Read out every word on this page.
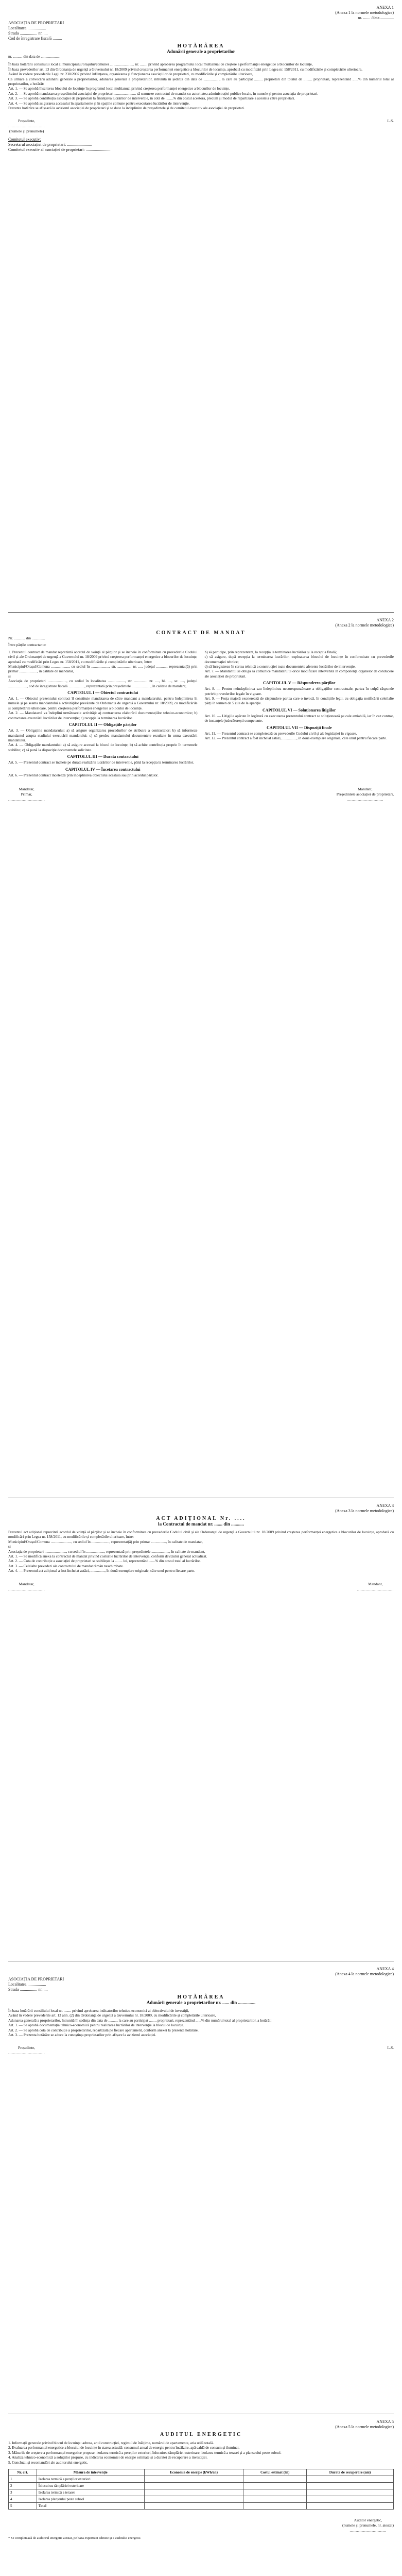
ANEXA 1
(Anexa 1 la normele metodologice)
nr. ....... /data .............
ASOCIAȚIA DE PROPRIETARI
Localitatea ..................
Strada ................. nr. ....
Cod de înregistrare fiscală .........
HOTĂRÂREA
Adunării generale a proprietarilor
nr. .......... din data de ....................

În baza hotărârii consiliului local al municipiului/orașului/comunei .......................... nr. ........ privind aprobarea programului local multianual de creștere a performanței energetice a blocurilor de locuințe,

În baza prevederilor art. 13 din Ordonanța de urgență a Guvernului nr. 18/2009 privind creșterea performanței energetice a blocurilor de locuințe, aprobată cu modificări prin Legea nr. 158/2011, cu modificările și completările ulterioare,

Având în vedere prevederile Legii nr. 230/2007 privind înființarea, organizarea și funcționarea asociațiilor de proprietari, cu modificările și completările ulterioare,

Ca urmare a convocării adunării generale a proprietarilor, adunarea generală a proprietarilor, întrunită în ședința din data de ................., la care au participat ......... proprietari din totalul de ......... proprietari, reprezentând ......% din numărul total al proprietarilor, a hotărât:

Art. 1. — Se aprobă înscrierea blocului de locuințe în programul local multianual privind creșterea performanței energetice a blocurilor de locuințe.

Art. 2. — Se aprobă mandatarea președintelui asociației de proprietari ....................... să semneze contractul de mandat cu autoritatea administrației publice locale, în numele și pentru asociația de proprietari.

Art. 3. — Se aprobă contribuția asociației de proprietari la finanțarea lucrărilor de intervenție, în cotă de ........% din costul acestora, precum și modul de repartizare a acesteia către proprietari.

Art. 4. — Se aprobă asigurarea accesului în apartamente și în spațiile comune pentru executarea lucrărilor de intervenție.

Prezenta hotărâre se afișează la avizierul asociației de proprietari și se duce la îndeplinire de președintele și de comitetul executiv ale asociației de proprietari.

Președinte,
..............................
(numele și prenumele)
L.S.
Comitetul executiv:
Secretarul asociației de proprietari: ........................
Comitetul executiv al asociației de proprietari: ........................
ANEXA 2
(Anexa 2 la normele metodologice)
CONTRACT DE MANDAT
Nr. ............ din ..............
Între părțile contractante:

1. Prezentul contract de mandat reprezintă acordul de voință al părților și se încheie în conformitate cu prevederile Codului civil și ale Ordonanței de urgență a Guvernului nr. 18/2009 privind creșterea performanței energetice a blocurilor de locuințe, aprobată cu modificări prin Legea nr. 158/2011, cu modificările și completările ulterioare, între:

Municipiul/Orașul/Comuna ..................., cu sediul în ..................., str. ............... nr. ...., județul ..........., reprezentat(ă) prin primar ..................., în calitate de mandatar,

și

Asociația de proprietari ...................., cu sediul în localitatea .................., str. .............. nr. ...., bl. ...., sc. ...., județul ...................., cod de înregistrare fiscală ................., reprezentată prin președintele ...................., în calitate de mandant,

CAPITOLUL I — Obiectul contractului

Art. 1. — Obiectul prezentului contract îl constituie mandatarea de către mandant a mandatarului, pentru îndeplinirea în numele și pe seama mandantului a activităților prevăzute de Ordonanța de urgență a Guvernului nr. 18/2009, cu modificările și completările ulterioare, pentru creșterea performanței energetice a blocului de locuințe.

Art. 2. — Mandatarul va îndeplini următoarele activități: a) contractarea elaborării documentațiilor tehnico-economice; b) contractarea executării lucrărilor de intervenție; c) recepția la terminarea lucrărilor.

CAPITOLUL II — Obligațiile părților

Art. 3. — Obligațiile mandatarului: a) să asigure organizarea procedurilor de atribuire a contractelor; b) să informeze mandantul asupra stadiului executării mandatului; c) să predea mandantului documentele rezultate în urma executării mandatului.

Art. 4. — Obligațiile mandantului: a) să asigure accesul la blocul de locuințe; b) să achite contribuția proprie în termenele stabilite; c) să pună la dispoziție documentele solicitate.

CAPITOLUL III — Durata contractului

Art. 5. — Prezentul contract se încheie pe durata realizării lucrărilor de intervenție, până la recepția la terminarea lucrărilor.

CAPITOLUL IV — Încetarea contractului

Art. 6. — Prezentul contract încetează prin îndeplinirea obiectului acestuia sau prin acordul părților.

b) să participe, prin reprezentant, la recepția la terminarea lucrărilor și la recepția finală;

c) să asigure, după recepția la terminarea lucrărilor, exploatarea blocului de locuințe în conformitate cu prevederile documentației tehnice;

d) să înregistreze în cartea tehnică a construcției toate documentele aferente lucrărilor de intervenție.

Art. 7. — Mandantul se obligă să comunice mandatarului orice modificare intervenită în componența organelor de conducere ale asociației de proprietari.

CAPITOLUL V — Răspunderea părților

Art. 8. — Pentru neîndeplinirea sau îndeplinirea necorespunzătoare a obligațiilor contractuale, partea în culpă răspunde potrivit prevederilor legale în vigoare.

Art. 9. — Forța majoră exonerează de răspundere partea care o invocă, în condițiile legii, cu obligația notificării celeilalte părți în termen de 5 zile de la apariție.

CAPITOLUL VI — Soluționarea litigiilor

Art. 10. — Litigiile apărute în legătură cu executarea prezentului contract se soluționează pe cale amiabilă, iar în caz contrar, de instanțele judecătorești competente.

CAPITOLUL VII — Dispoziții finale

Art. 11. — Prezentul contract se completează cu prevederile Codului civil și ale legislației în vigoare.

Art. 12. — Prezentul contract a fost încheiat astăzi, ..............., în două exemplare originale, câte unul pentru fiecare parte.

Mandatar,
Primar,
..............................
Mandant,
Președintele asociației de proprietari,
..............................
ANEXA 3
(Anexa 3 la normele metodologice)
ACT ADIȚIONAL Nr. ....
la Contractul de mandat nr. ....... din ...........

Prezentul act adițional reprezintă acordul de voință al părților și se încheie în conformitate cu prevederile Codului civil și ale Ordonanței de urgență a Guvernului nr. 18/2009 privind creșterea performanței energetice a blocurilor de locuințe, aprobată cu modificări prin Legea nr. 158/2011, cu modificările și completările ulterioare, între:

Municipiul/Orașul/Comuna ......................, cu sediul în ..................., reprezentat(ă) prin primar ................, în calitate de mandatar,

și

Asociația de proprietari ......................., cu sediul în ..................., reprezentată prin președintele ..................., în calitate de mandant,

Art. 1. — Se modifică anexa la contractul de mandat privind costurile lucrărilor de intervenție, conform devizului general actualizat.

Art. 2. — Cota de contribuție a asociației de proprietari se stabilește la ........ lei, reprezentând ......% din costul total al lucrărilor.

Art. 3. — Celelalte prevederi ale contractului de mandat rămân neschimbate.

Art. 4. — Prezentul act adițional a fost încheiat astăzi, ..............., în două exemplare originale, câte unul pentru fiecare parte.

Mandatar,
..............................
Mandant,
..............................
ANEXA 4
(Anexa 4 la normele metodologice)
ASOCIAȚIA DE PROPRIETARI
Localitatea ..................
Strada ................. nr. ....
HOTĂRÂREA
Adunării generale a proprietarilor nr. ...... din ...............

În baza hotărârii consiliului local nr. ........ privind aprobarea indicatorilor tehnico-economici ai obiectivului de investiții,

Având în vedere prevederile art. 13 alin. (2) din Ordonanța de urgență a Guvernului nr. 18/2009, cu modificările și completările ulterioare,

Adunarea generală a proprietarilor, întrunită în ședința din data de ........., la care au participat ........ proprietari, reprezentând ......% din numărul total al proprietarilor, a hotărât:

Art. 1. — Se aprobă documentația tehnico-economică pentru realizarea lucrărilor de intervenție la blocul de locuințe.

Art. 2. — Se aprobă cota de contribuție a proprietarilor, repartizată pe fiecare apartament, conform anexei la prezenta hotărâre.

Art. 3. — Prezenta hotărâre se aduce la cunoștința proprietarilor prin afișare la avizierul asociației.

Președinte,
..............................
L.S.
ANEXA 5
(Anexa 5 la normele metodologice)
AUDITUL ENERGETIC

1. Informații generale privind blocul de locuințe: adresa, anul construcției, regimul de înălțime, numărul de apartamente, aria utilă totală.

2. Evaluarea performanței energetice a blocului de locuințe în starea actuală: consumul anual de energie pentru încălzire, apă caldă de consum și iluminat.

3. Măsurile de creștere a performanței energetice propuse: izolarea termică a pereților exteriori, înlocuirea tâmplăriei exterioare, izolarea termică a terasei și a planșeului peste subsol.

4. Analiza tehnico-economică a soluțiilor propuse, cu indicarea economiei de energie estimate și a duratei de recuperare a investiției.

5. Concluzii și recomandări ale auditorului energetic.

Nr. crt.	Măsura de intervenție	Economia de energie (kWh/an)	Costul estimat (lei)	Durata de recuperare (ani)
1	Izolarea termică a pereților exteriori			
2	Înlocuirea tâmplăriei exterioare			
3	Izolarea termică a terasei			
4	Izolarea planșeului peste subsol			
5	Total			
Auditor energetic,
(numele și prenumele, nr. atestat)
..............................
* Se completează de auditorul energetic atestat, pe baza expertizei tehnice și a auditului energetic.
